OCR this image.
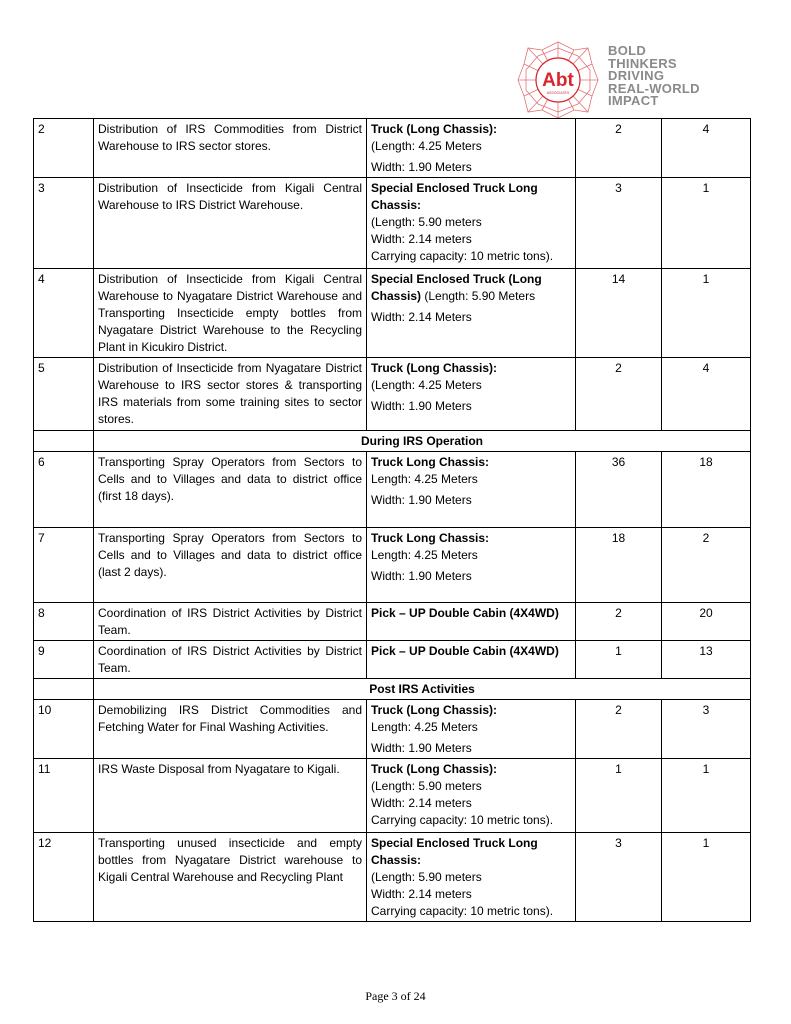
Abt
ASSOCIATES
BOLD
THINKERS
DRIVING
REAL-WORLD
IMPACT
2	Distribution of IRS Commodities from District Warehouse to IRS sector stores.	Truck (Long Chassis):
(Length: 4.25 Meters
Width: 1.90 Meters	2	4
3	Distribution of Insecticide from Kigali Central Warehouse to IRS District Warehouse.	Special Enclosed Truck Long Chassis:
(Length: 5.90 meters
Width: 2.14 meters
Carrying capacity: 10 metric tons).	3	1
4	Distribution of Insecticide from Kigali Central Warehouse to Nyagatare District Warehouse and Transporting Insecticide empty bottles from Nyagatare District Warehouse to the Recycling Plant in Kicukiro District.	Special Enclosed Truck (Long Chassis) (Length: 5.90 Meters
Width: 2.14 Meters	14	1
5	Distribution of Insecticide from Nyagatare District Warehouse to IRS sector stores & transporting IRS materials from some training sites to sector stores.	Truck (Long Chassis):
(Length: 4.25 Meters
Width: 1.90 Meters	2	4
	During IRS Operation			
6	Transporting Spray Operators from Sectors to Cells and to Villages and data to district office (first 18 days).	Truck Long Chassis:
Length: 4.25 Meters
Width: 1.90 Meters	36	18
7	Transporting Spray Operators from Sectors to Cells and to Villages and data to district office (last 2 days).	Truck Long Chassis:
Length: 4.25 Meters
Width: 1.90 Meters	18	2
8	Coordination of IRS District Activities by District Team.	Pick – UP Double Cabin (4X4WD)	2	20
9	Coordination of IRS District Activities by District Team.	Pick – UP Double Cabin (4X4WD)	1	13
	Post IRS Activities			
10	Demobilizing IRS District Commodities and Fetching Water for Final Washing Activities.	Truck (Long Chassis):
Length: 4.25 Meters
Width: 1.90 Meters	2	3
11	IRS Waste Disposal from Nyagatare to Kigali.	Truck (Long Chassis):
(Length: 5.90 meters
Width: 2.14 meters
Carrying capacity: 10 metric tons).	1	1
12	Transporting unused insecticide and empty bottles from Nyagatare District warehouse to Kigali Central Warehouse and Recycling Plant	Special Enclosed Truck Long Chassis:
(Length: 5.90 meters
Width: 2.14 meters
Carrying capacity: 10 metric tons).	3	1
Page 3 of 24
